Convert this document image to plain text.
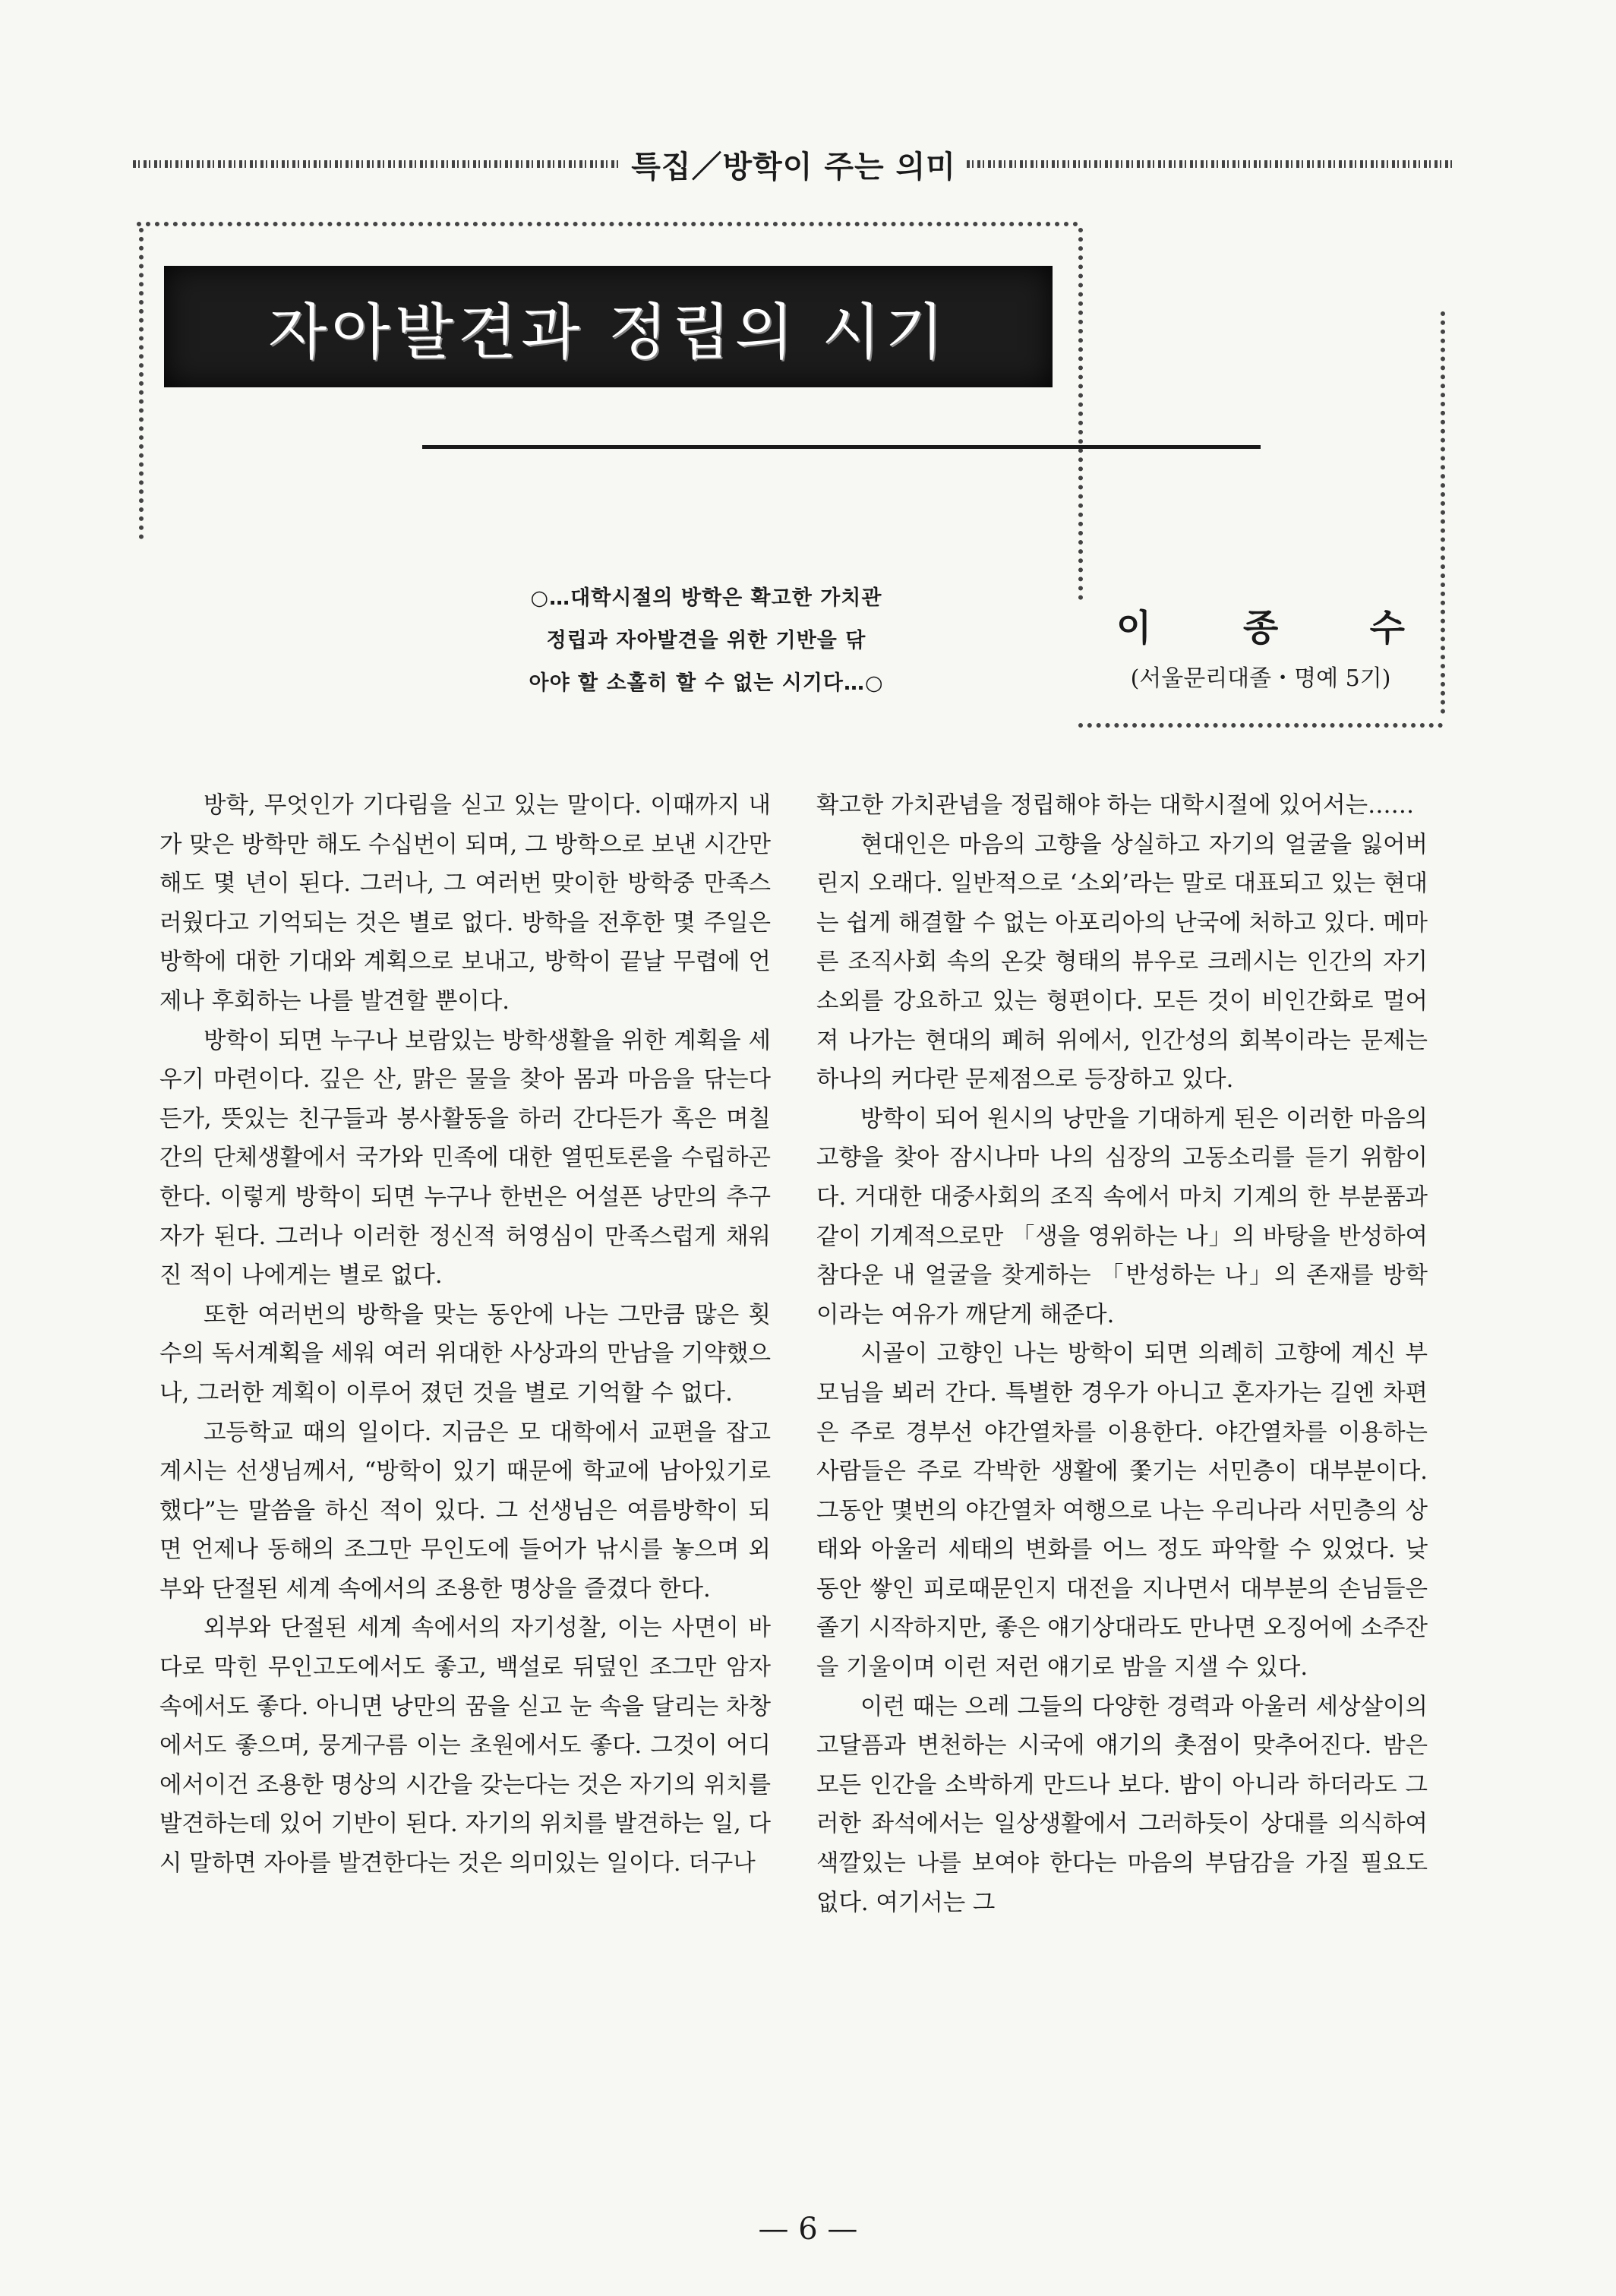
특집／방학이 주는 의미
자아발견과 정립의 시기
○…대학시절의 방학은 확고한 가치관
정립과 자아발견을 위한 기반을 닦
아야 할 소홀히 할 수 없는 시기다…○
이	종	수
(서울문리대졸・명예 5기)

방학, 무엇인가 기다림을 싣고 있는 말이다. 이때까지 내가 맞은 방학만 해도 수십번이 되며, 그 방학으로 보낸 시간만 해도 몇 년이 된다. 그러나, 그 여러번 맞이한 방학중 만족스러웠다고 기억되는 것은 별로 없다. 방학을 전후한 몇 주일은 방학에 대한 기대와 계획으로 보내고, 방학이 끝날 무렵에 언제나 후회하는 나를 발견할 뿐이다.

방학이 되면 누구나 보람있는 방학생활을 위한 계획을 세우기 마련이다. 깊은 산, 맑은 물을 찾아 몸과 마음을 닦는다든가, 뜻있는 친구들과 봉사활동을 하러 간다든가 혹은 며칠간의 단체생활에서 국가와 민족에 대한 열띤토론을 수립하곤 한다. 이렇게 방학이 되면 누구나 한번은 어설픈 낭만의 추구자가 된다. 그러나 이러한 정신적 허영심이 만족스럽게 채워진 적이 나에게는 별로 없다.

또한 여러번의 방학을 맞는 동안에 나는 그만큼 많은 횟수의 독서계획을 세워 여러 위대한 사상과의 만남을 기약했으나, 그러한 계획이 이루어 졌던 것을 별로 기억할 수 없다.

고등학교 때의 일이다. 지금은 모 대학에서 교편을 잡고 계시는 선생님께서, “방학이 있기 때문에 학교에 남아있기로 했다”는 말씀을 하신 적이 있다. 그 선생님은 여름방학이 되면 언제나 동해의 조그만 무인도에 들어가 낚시를 놓으며 외부와 단절된 세계 속에서의 조용한 명상을 즐겼다 한다.

외부와 단절된 세계 속에서의 자기성찰, 이는 사면이 바다로 막힌 무인고도에서도 좋고, 백설로 뒤덮인 조그만 암자 속에서도 좋다. 아니면 낭만의 꿈을 싣고 눈 속을 달리는 차창에서도 좋으며, 뭉게구름 이는 초원에서도 좋다. 그것이 어디에서이건 조용한 명상의 시간을 갖는다는 것은 자기의 위치를 발견하는데 있어 기반이 된다. 자기의 위치를 발견하는 일, 다시 말하면 자아를 발견한다는 것은 의미있는 일이다. 더구나

확고한 가치관념을 정립해야 하는 대학시절에 있어서는……

현대인은 마음의 고향을 상실하고 자기의 얼굴을 잃어버린지 오래다. 일반적으로 ‘소외’라는 말로 대표되고 있는 현대는 쉽게 해결할 수 없는 아포리아의 난국에 처하고 있다. 메마른 조직사회 속의 온갖 형태의 뷰우로 크레시는 인간의 자기소외를 강요하고 있는 형편이다. 모든 것이 비인간화로 멀어져 나가는 현대의 폐허 위에서, 인간성의 회복이라는 문제는 하나의 커다란 문제점으로 등장하고 있다.

방학이 되어 원시의 낭만을 기대하게 된은 이러한 마음의 고향을 찾아 잠시나마 나의 심장의 고동소리를 듣기 위함이다. 거대한 대중사회의 조직 속에서 마치 기계의 한 부분품과 같이 기계적으로만 「생을 영위하는 나」의 바탕을 반성하여 참다운 내 얼굴을 찾게하는 「반성하는 나」의 존재를 방학이라는 여유가 깨닫게 해준다.

시골이 고향인 나는 방학이 되면 의례히 고향에 계신 부모님을 뵈러 간다. 특별한 경우가 아니고 혼자가는 길엔 차편은 주로 경부선 야간열차를 이용한다. 야간열차를 이용하는 사람들은 주로 각박한 생활에 쫓기는 서민층이 대부분이다. 그동안 몇번의 야간열차 여행으로 나는 우리나라 서민층의 상태와 아울러 세태의 변화를 어느 정도 파악할 수 있었다. 낮 동안 쌓인 피로때문인지 대전을 지나면서 대부분의 손님들은 졸기 시작하지만, 좋은 얘기상대라도 만나면 오징어에 소주잔을 기울이며 이런 저런 얘기로 밤을 지샐 수 있다.

이런 때는 으레 그들의 다양한 경력과 아울러 세상살이의 고달픔과 변천하는 시국에 얘기의 촛점이 맞추어진다. 밤은 모든 인간을 소박하게 만드나 보다. 밤이 아니라 하더라도 그러한 좌석에서는 일상생활에서 그러하듯이 상대를 의식하여 색깔있는 나를 보여야 한다는 마음의 부담감을 가질 필요도 없다. 여기서는 그

— 6 —
